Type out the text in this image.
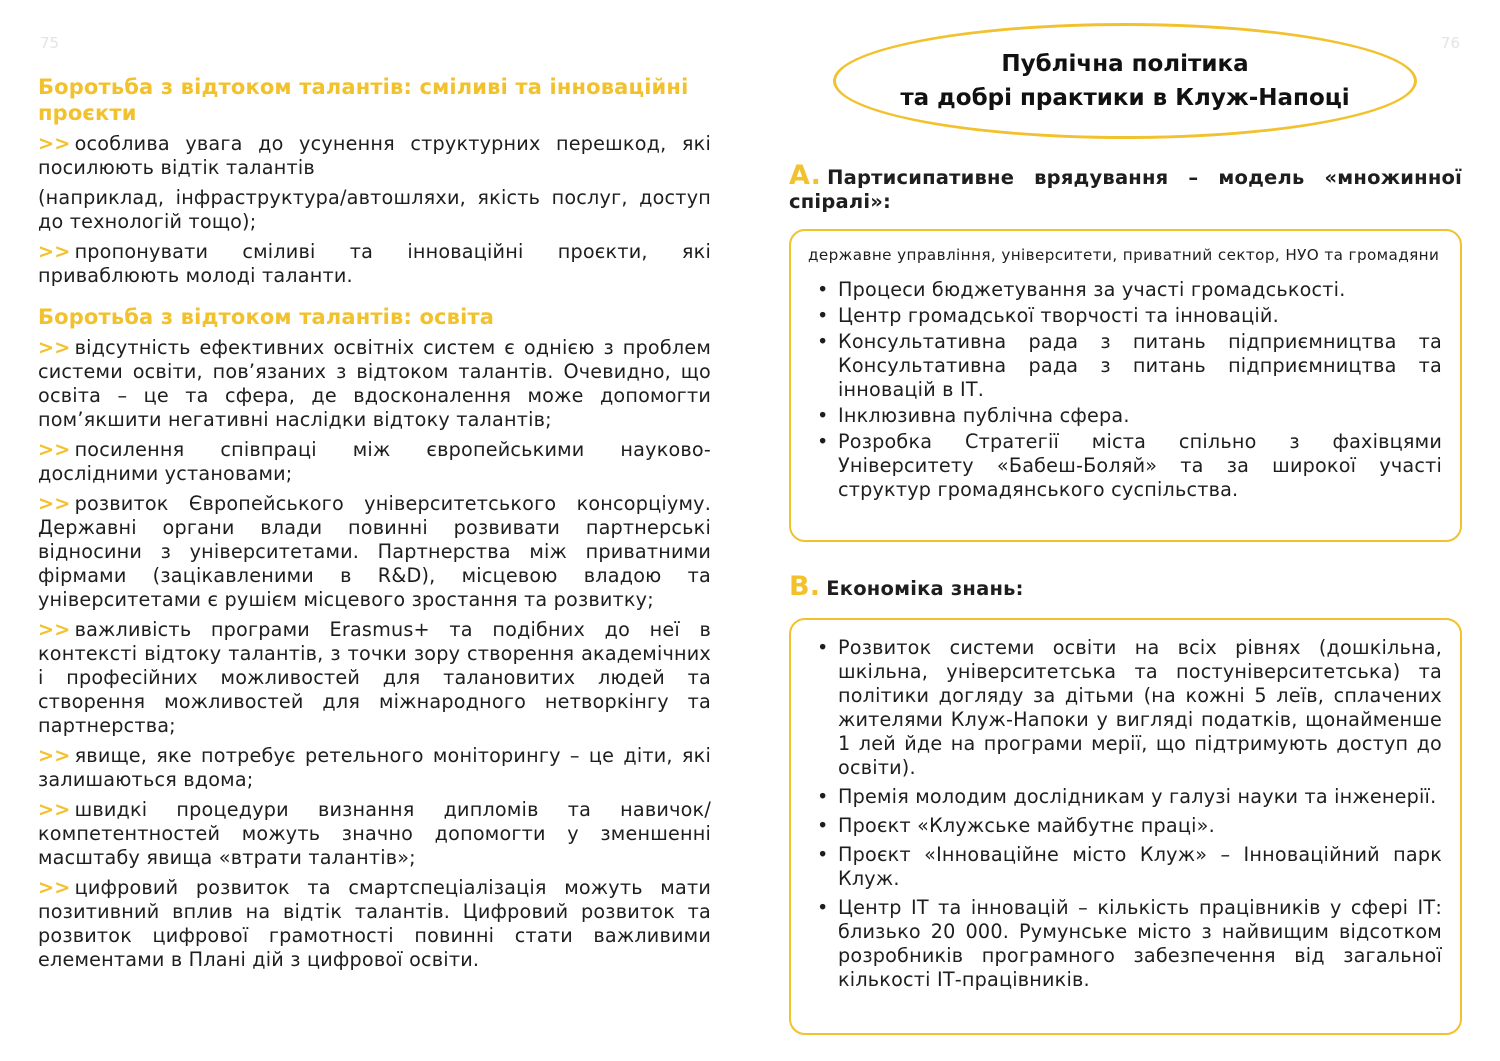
75	76
Боротьба з відтоком талантів: сміливі та інноваційні проєкти

>> особлива увага до усунення структурних перешкод, які посилюють відтік талантів

(наприклад, інфраструктура/автошляхи, якість послуг, доступ до технологій тощо);

>> пропонувати сміливі та інноваційні проєкти, які приваблюють молоді таланти.

Боротьба з відтоком талантів: освіта

>> відсутність ефективних освітніх систем є однією з проблем системи освіти, пов’язаних з відтоком талантів. Очевидно, що освіта – це та сфера, де вдосконалення може допомогти пом’якшити негативні наслідки відтоку талантів;

>> посилення співпраці між європейськими науково-дослідними установами;

>> розвиток Європейського університетського консорціуму. Державні органи влади повинні розвивати партнерські відносини з університетами. Партнерства між приватними фірмами (зацікавленими в R&D), місцевою владою та університетами є рушієм місцевого зростання та розвитку;

>> важливість програми Erasmus+ та подібних до неї в контексті відтоку талантів, з точки зору створення академічних і професійних можливостей для талановитих людей та створення можливостей для міжнародного нетворкінгу та партнерства;

>> явище, яке потребує ретельного моніторингу – це діти, які залишаються вдома;

>> швидкі процедури визнання дипломів та навичок/ компетентностей можуть значно допомогти у зменшенні масштабу явища «втрати талантів»;

>> цифровий розвиток та смартспеціалізація можуть мати позитивний вплив на відтік талантів. Цифровий розвиток та розвиток цифрової грамотності повинні стати важливими елементами в Плані дій з цифрової освіти.

Публічна політика
та добрі практики в Клуж-Напоці
A. Партисипативне врядування – модель «множинної спіралі»:

державне управління, університети, приватний сектор, НУО та громадяни

• Процеси бюджетування за участі громадськості.
• Центр громадської творчості та інновацій.
• Консультативна рада з питань підприємництва та Консультативна рада з питань підприємництва та інновацій в ІТ.
• Інклюзивна публічна сфера.
• Розробка Стратегії міста спільно з фахівцями Університету «Бабеш-Боляй» та за широкої участі структур громадянського суспільства.
B. Економіка знань:
• Розвиток системи освіти на всіх рівнях (дошкільна, шкільна, університетська та постуніверситетська) та політики догляду за дітьми (на кожні 5 леїв, сплачених жителями Клуж-Напоки у вигляді податків, щонайменше 1 лей йде на програми мерії, що підтримують доступ до освіти).
• Премія молодим дослідникам у галузі науки та інженерії.
• Проєкт «Клужське майбутнє праці».
• Проєкт «Інноваційне місто Клуж» – Інноваційний парк Клуж.
• Центр ІТ та інновацій – кількість працівників у сфері ІТ: близько 20 000. Румунське місто з найвищим відсотком розробників програмного забезпечення від загальної кількості ІТ-працівників.
